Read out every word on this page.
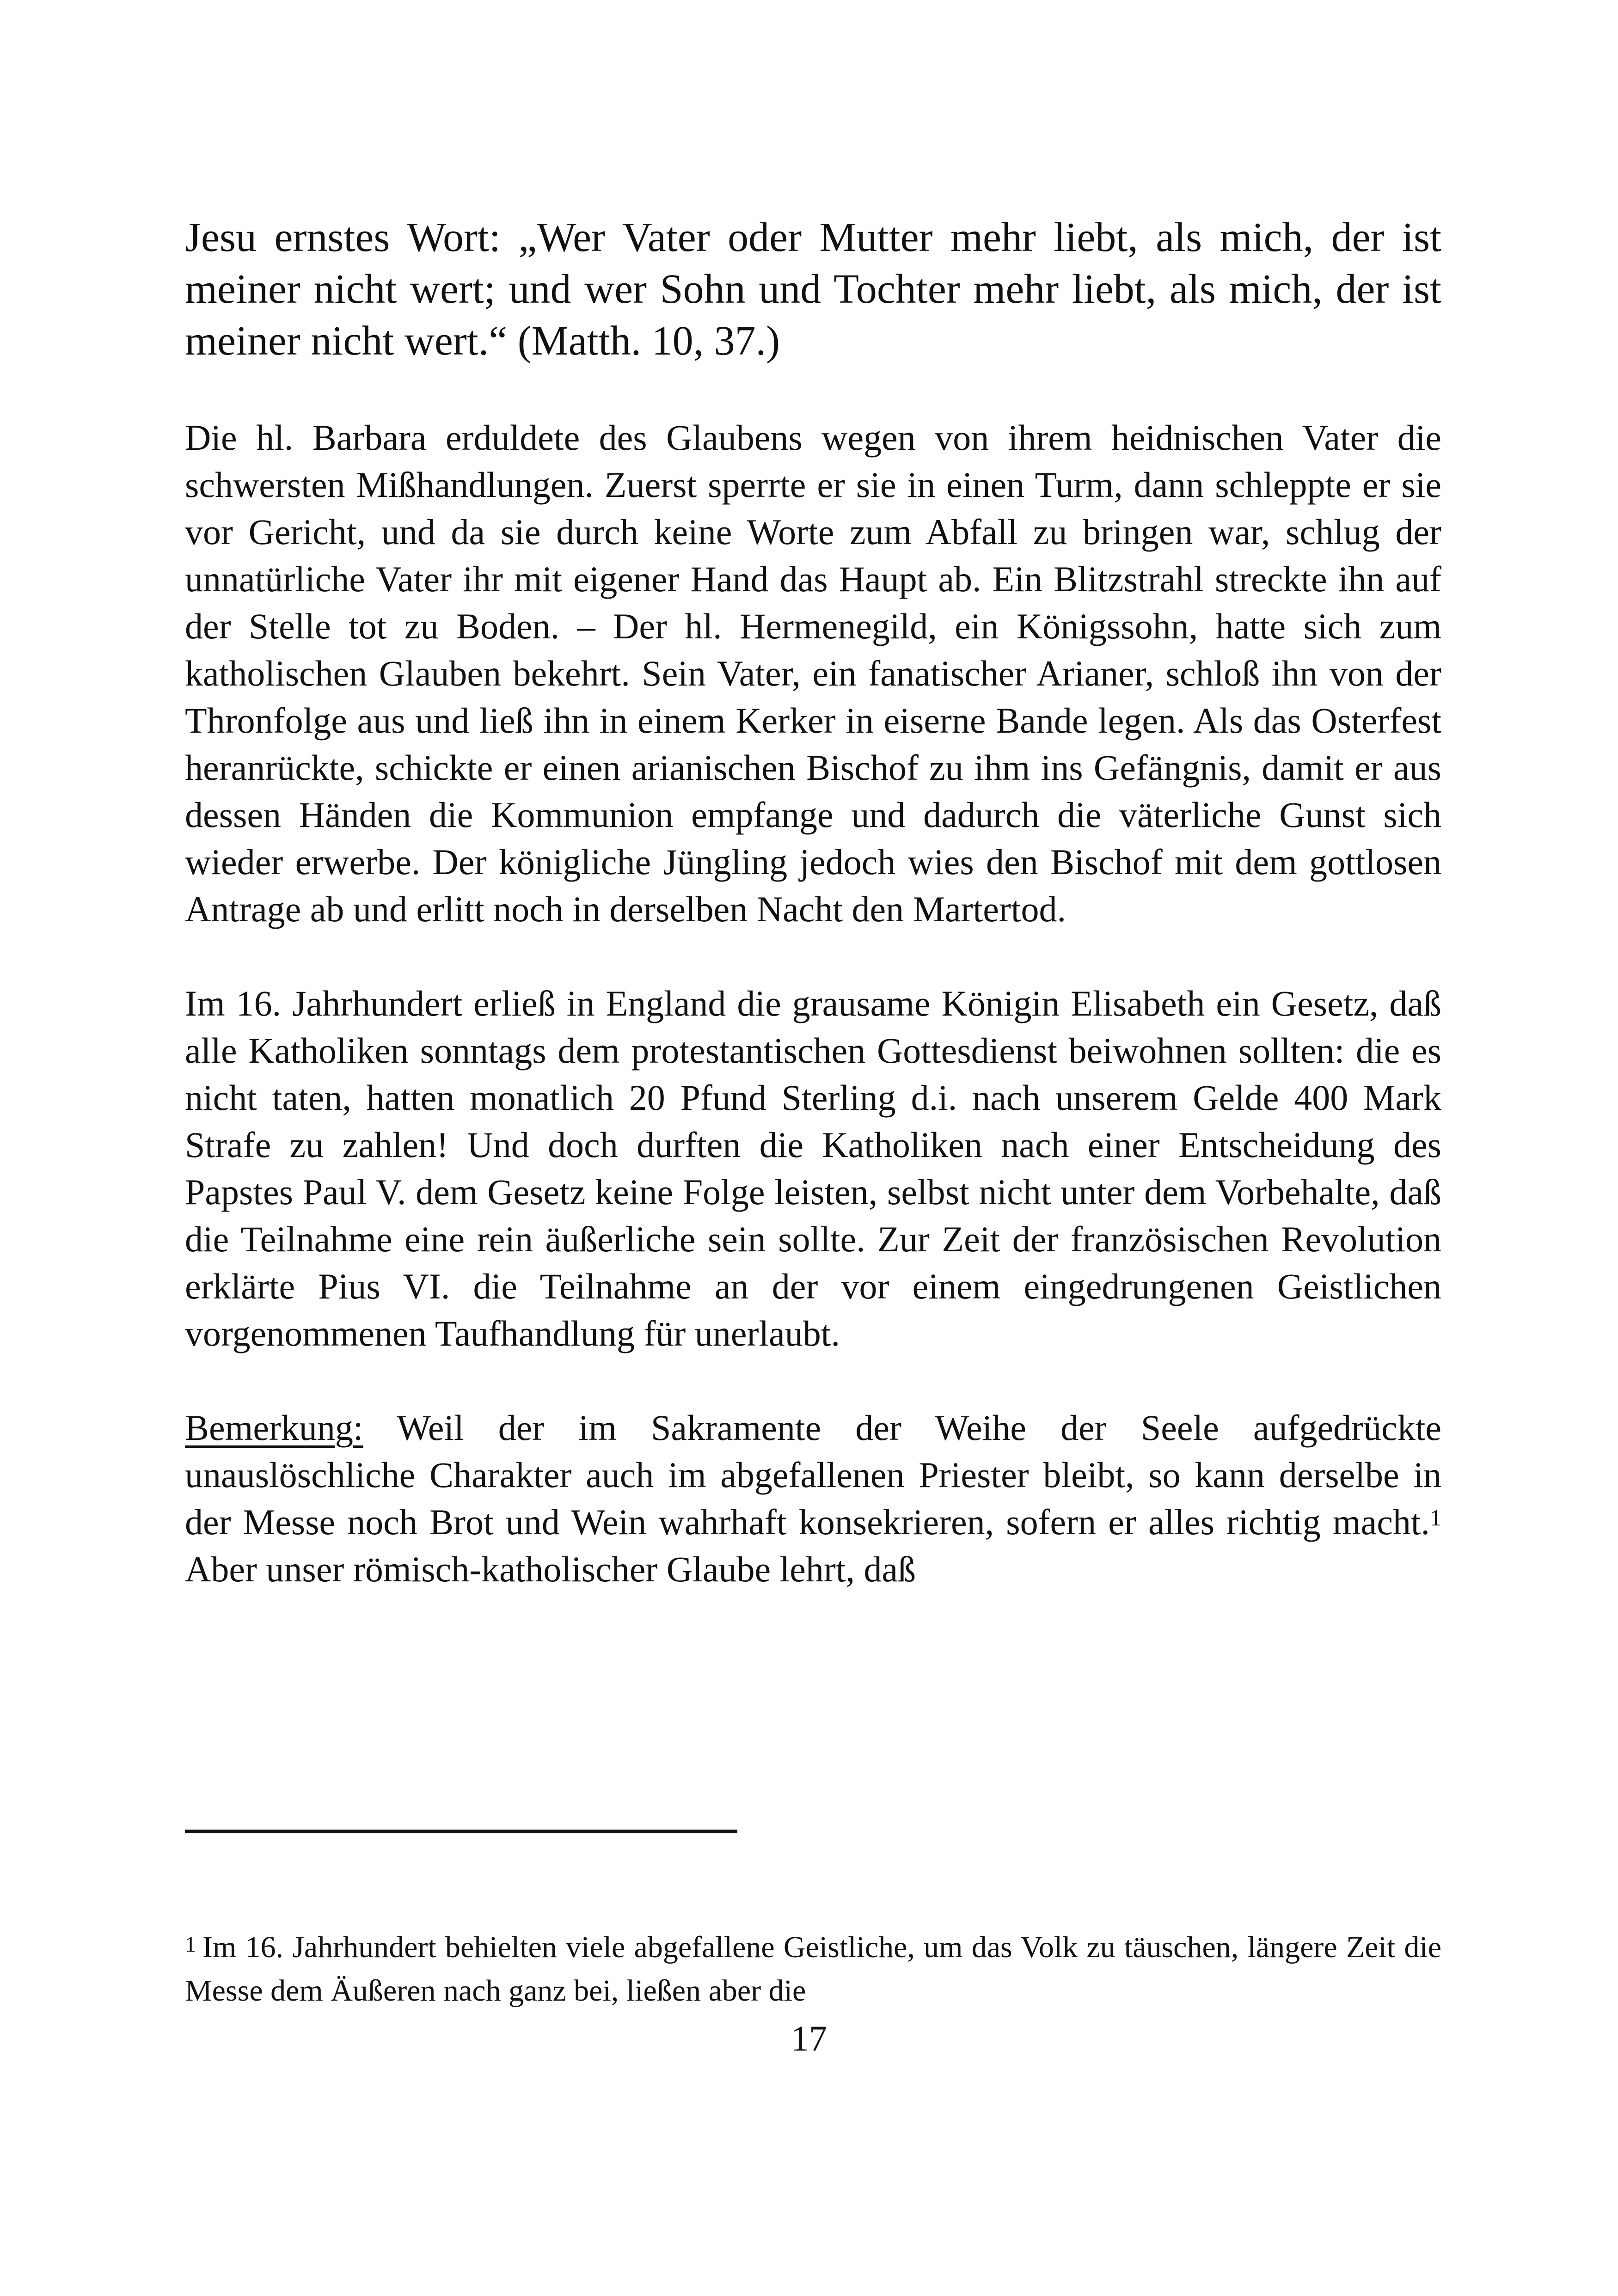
Jesu ernstes Wort: „Wer Vater oder Mutter mehr liebt, als mich, der ist meiner nicht wert; und wer Sohn und Tochter mehr liebt, als mich, der ist meiner nicht wert.“ (Matth. 10, 37.)

Die hl. Barbara erduldete des Glaubens wegen von ihrem heidnischen Vater die schwersten Mißhandlungen. Zuerst sperrte er sie in einen Turm, dann schleppte er sie vor Gericht, und da sie durch keine Worte zum Abfall zu bringen war, schlug der unnatürliche Vater ihr mit eigener Hand das Haupt ab. Ein Blitzstrahl streckte ihn auf der Stelle tot zu Boden. – Der hl. Hermenegild, ein Königssohn, hatte sich zum katholischen Glauben bekehrt. Sein Vater, ein fanatischer Arianer, schloß ihn von der Thronfolge aus und ließ ihn in einem Kerker in eiserne Bande legen. Als das Osterfest heranrückte, schickte er einen arianischen Bischof zu ihm ins Gefängnis, damit er aus dessen Händen die Kommunion empfange und dadurch die väterliche Gunst sich wieder erwerbe. Der königliche Jüngling jedoch wies den Bischof mit dem gottlosen Antrage ab und erlitt noch in derselben Nacht den Martertod.

Im 16. Jahrhundert erließ in England die grausame Königin Elisabeth ein Gesetz, daß alle Katholiken sonntags dem protestantischen Gottesdienst beiwohnen sollten: die es nicht taten, hatten monatlich 20 Pfund Sterling d.i. nach unserem Gelde 400 Mark Strafe zu zahlen! Und doch durften die Katholiken nach einer Entscheidung des Papstes Paul V. dem Gesetz keine Folge leisten, selbst nicht unter dem Vorbehalte, daß die Teilnahme eine rein äußerliche sein sollte. Zur Zeit der französischen Revolution erklärte Pius VI. die Teilnahme an der vor einem eingedrungenen Geistlichen vorgenommenen Taufhandlung für unerlaubt.

Bemerkung: Weil der im Sakramente der Weihe der Seele aufgedrückte unauslöschliche Charakter auch im abgefallenen Priester bleibt, so kann derselbe in der Messe noch Brot und Wein wahrhaft konsekrieren, sofern er alles richtig macht.$^1$ Aber unser römisch-katholischer Glaube lehrt, daß

$^1$ Im 16. Jahrhundert behielten viele abgefallene Geistliche, um das Volk zu täuschen, längere Zeit die Messe dem Äußeren nach ganz bei, ließen aber die

17
